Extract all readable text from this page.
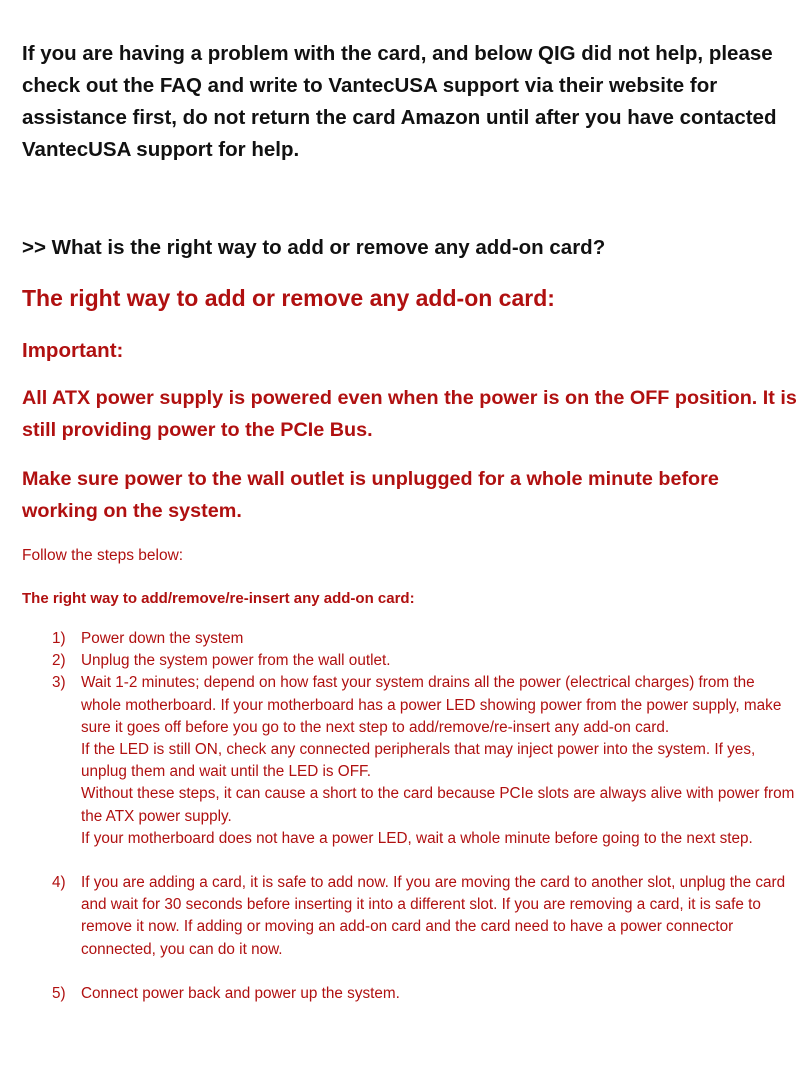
If you are having a problem with the card, and below QIG did not help, please check out the FAQ and write to VantecUSA support via their website for assistance first, do not return the card Amazon until after you have contacted VantecUSA support for help.

>> What is the right way to add or remove any add-on card?

The right way to add or remove any add-on card:
Important:

All ATX power supply is powered even when the power is on the OFF position. It is still providing power to the PCIe Bus.

Make sure power to the wall outlet is unplugged for a whole minute before working on the system.

Follow the steps below:

The right way to add/remove/re-insert any add-on card:

1) Power down the system

2) Unplug the system power from the wall outlet.

3) Wait 1-2 minutes; depend on how fast your system drains all the power (electrical charges) from the whole motherboard. If your motherboard has a power LED showing power from the power supply, make sure it goes off before you go to the next step to add/remove/re-insert any add-on card.

If the LED is still ON, check any connected peripherals that may inject power into the system. If yes, unplug them and wait until the LED is OFF.

Without these steps, it can cause a short to the card because PCIe slots are always alive with power from the ATX power supply.

If your motherboard does not have a power LED, wait a whole minute before going to the next step.

4) If you are adding a card, it is safe to add now. If you are moving the card to another slot, unplug the card and wait for 30 seconds before inserting it into a different slot. If you are removing a card, it is safe to remove it now. If adding or moving an add-on card and the card need to have a power connector connected, you can do it now.

5) Connect power back and power up the system.
